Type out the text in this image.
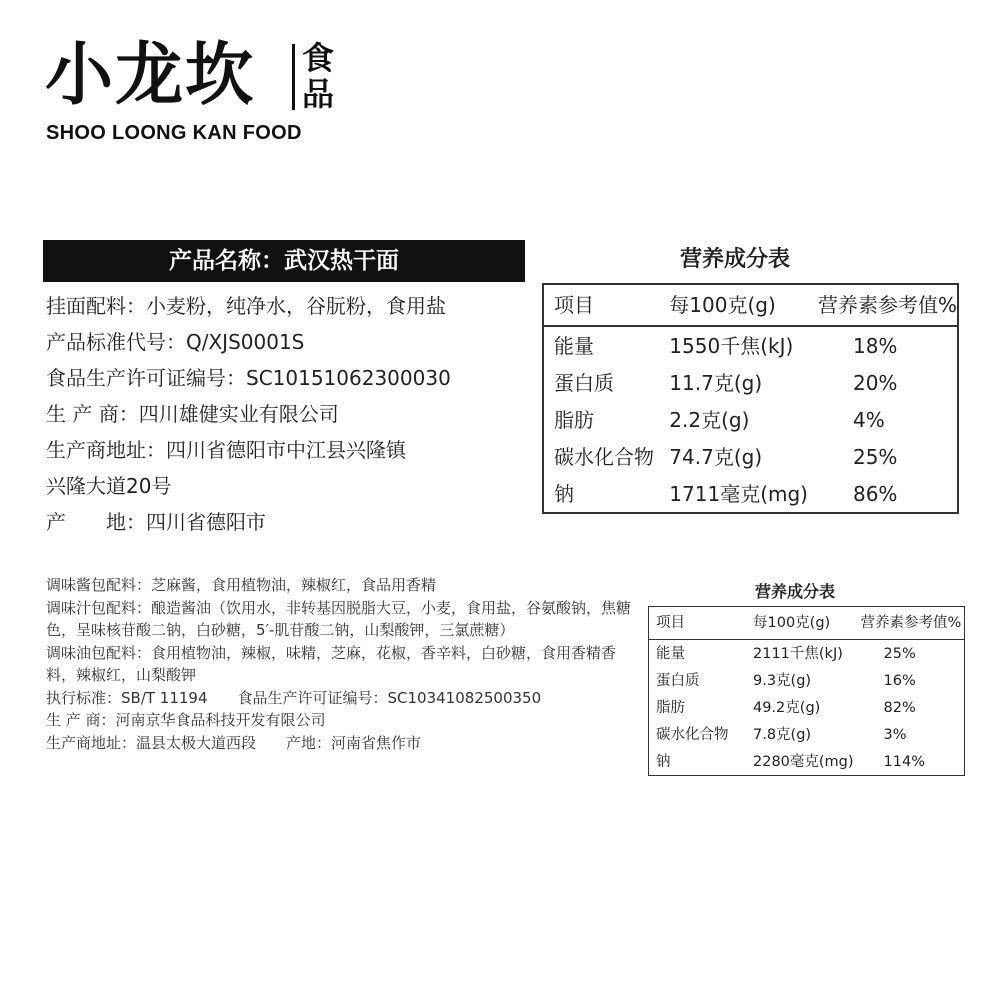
小龙坎 食品
SHOO LOONG KAN FOOD
产品名称：武汉热干面
挂面配料：小麦粉，纯净水，谷朊粉，食用盐
产品标准代号：Q/XJS0001S
食品生产许可证编号：SC10151062300030
生 产 商：四川雄健实业有限公司
生产商地址：四川省德阳市中江县兴隆镇
兴隆大道20号
产　　地：四川省德阳市
营养成分表
项目	每100克(g)	营养素参考值%
能量	1550千焦(kJ)	18%
蛋白质	11.7克(g)	20%
脂肪	2.2克(g)	4%
碳水化合物	74.7克(g)	25%
钠	1711毫克(mg)	86%
调味酱包配料：芝麻酱，食用植物油，辣椒红，食品用香精
调味汁包配料：酿造酱油（饮用水，非转基因脱脂大豆，小麦，食用盐，谷氨酸钠，焦糖色，呈味核苷酸二钠，白砂糖，5′-肌苷酸二钠，山梨酸钾，三氯蔗糖）
调味油包配料：食用植物油，辣椒，味精，芝麻，花椒，香辛料，白砂糖，食用香精香料，辣椒红，山梨酸钾
执行标准：SB/T 11194　　食品生产许可证编号：SC10341082500350
生 产 商：河南京华食品科技开发有限公司
生产商地址：温县太极大道西段　　产地：河南省焦作市
营养成分表
项目	每100克(g)	营养素参考值%
能量	2111千焦(kJ)	25%
蛋白质	9.3克(g)	16%
脂肪	49.2克(g)	82%
碳水化合物	7.8克(g)	3%
钠	2280毫克(mg)	114%
